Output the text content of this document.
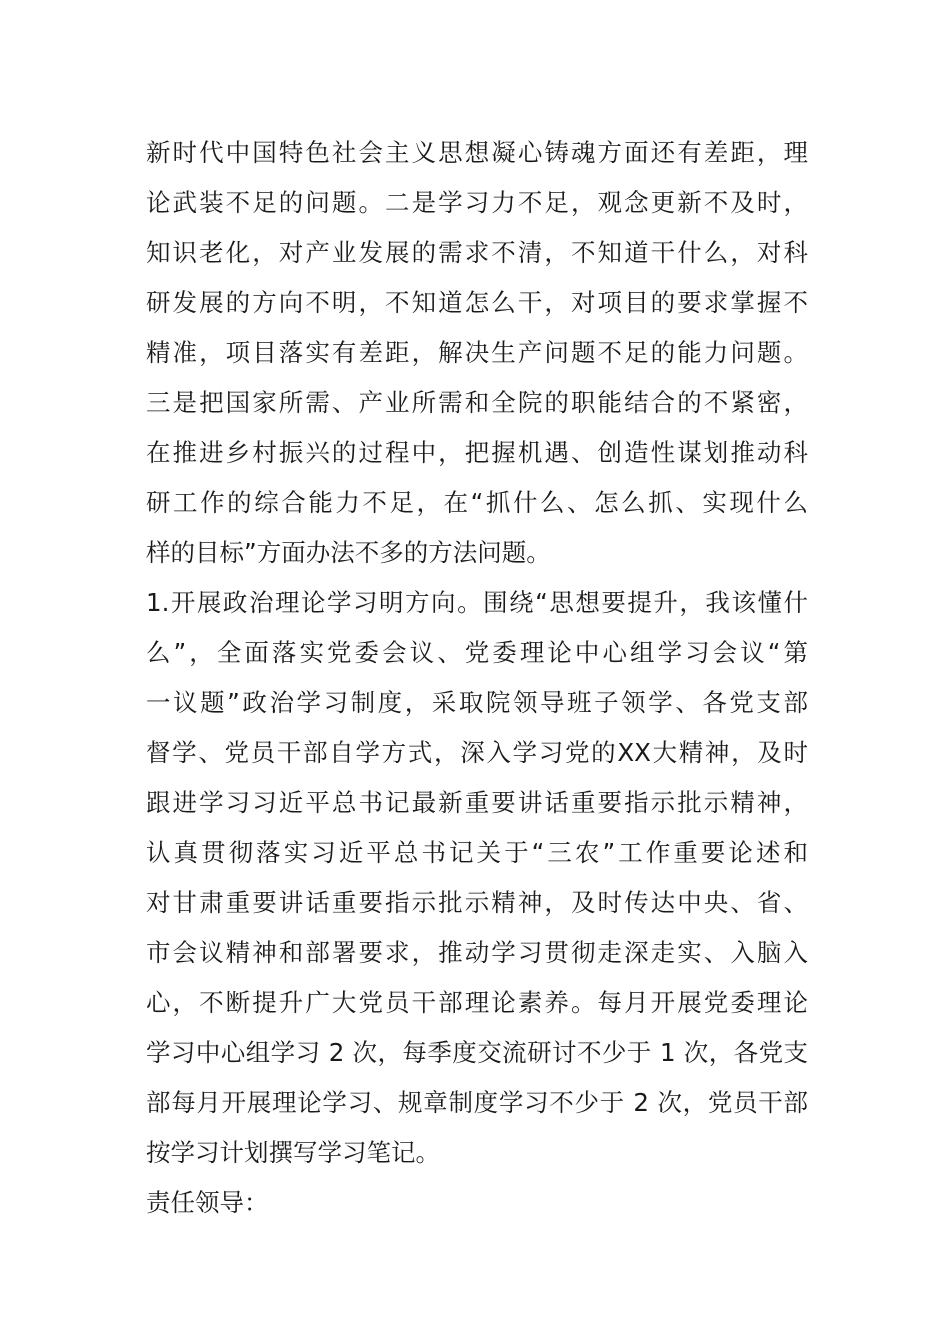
新时代中国特色社会主义思想凝心铸魂方面还有差距，理
论武装不足的问题。二是学习力不足，观念更新不及时，
知识老化，对产业发展的需求不清，不知道干什么，对科
研发展的方向不明，不知道怎么干，对项目的要求掌握不
精准，项目落实有差距，解决生产问题不足的能力问题。
三是把国家所需、产业所需和全院的职能结合的不紧密，
在推进乡村振兴的过程中，把握机遇、创造性谋划推动科
研工作的综合能力不足，在“抓什么、怎么抓、实现什么
样的目标”方面办法不多的方法问题。
1.开展政治理论学习明方向。围绕“思想要提升，我该懂什
么”，全面落实党委会议、党委理论中心组学习会议“第
一议题”政治学习制度，采取院领导班子领学、各党支部
督学、党员干部自学方式，深入学习党的XX大精神，及时
跟进学习习近平总书记最新重要讲话重要指示批示精神，
认真贯彻落实习近平总书记关于“三农”工作重要论述和
对甘肃重要讲话重要指示批示精神，及时传达中央、省、
市会议精神和部署要求，推动学习贯彻走深走实、入脑入
心，不断提升广大党员干部理论素养。每月开展党委理论
学习中心组学习 2 次，每季度交流研讨不少于 1 次，各党支
部每月开展理论学习、规章制度学习不少于 2 次，党员干部
按学习计划撰写学习笔记。
责任领导：
